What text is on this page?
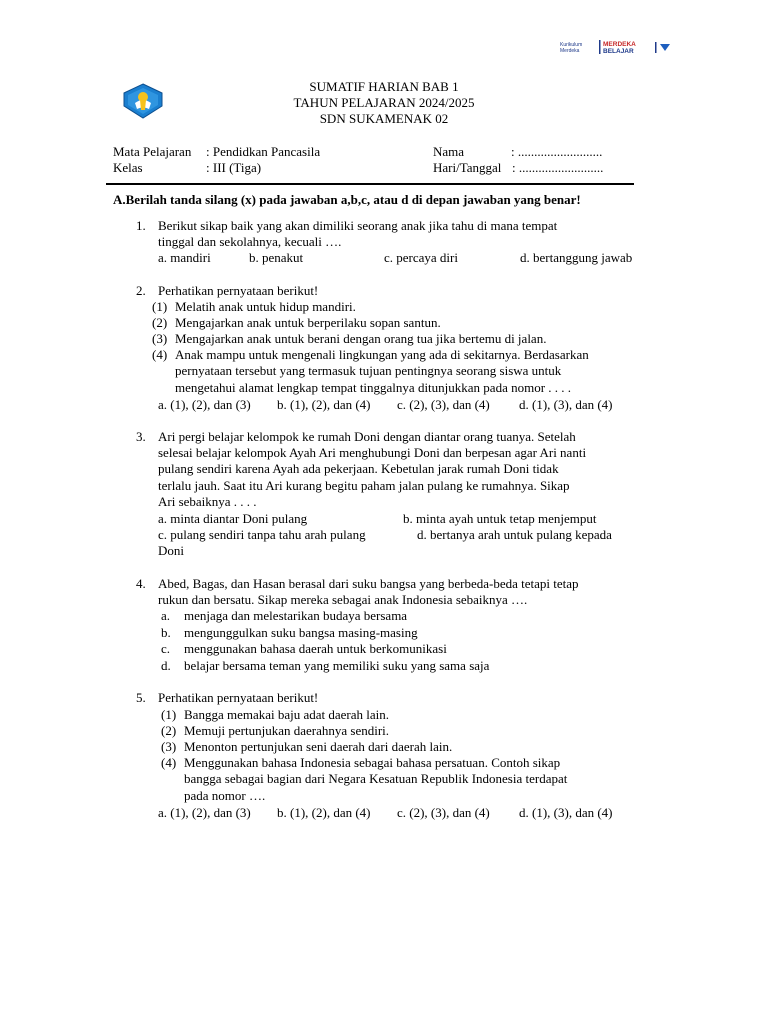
Kurikulum
Merdeka
MERDEKA
BELAJAR
SUMATIF HARIAN BAB 1
TAHUN PELAJARAN 2024/2025
SDN SUKAMENAK 02
Mata Pelajaran : Pendidkan Pancasila
Kelas	: III (Tiga)
Nama	: ..........................
Hari/Tanggal : ..........................
A.Berilah tanda silang (x) pada jawaban a,b,c, atau d di depan jawaban yang benar!
1. Berikut sikap baik yang akan dimiliki seorang anak jika tahu di mana tempat
tinggal dan sekolahnya, kecuali ….
a. mandiri	b. penakut	c. percaya diri	d. bertanggung jawab
2. Perhatikan pernyataan berikut!
(1) Melatih anak untuk hidup mandiri.
(2) Mengajarkan anak untuk berperilaku sopan santun.
(3) Mengajarkan anak untuk berani dengan orang tua jika bertemu di jalan.
(4) Anak mampu untuk mengenali lingkungan yang ada di sekitarnya. Berdasarkan
pernyataan tersebut yang termasuk tujuan pentingnya seorang siswa untuk
mengetahui alamat lengkap tempat tinggalnya ditunjukkan pada nomor . . . .
a. (1), (2), dan (3) b. (1), (2), dan (4) c. (2), (3), dan (4) d. (1), (3), dan (4)
3. Ari pergi belajar kelompok ke rumah Doni dengan diantar orang tuanya. Setelah
selesai belajar kelompok Ayah Ari menghubungi Doni dan berpesan agar Ari nanti
pulang sendiri karena Ayah ada pekerjaan. Kebetulan jarak rumah Doni tidak
terlalu jauh. Saat itu Ari kurang begitu paham jalan pulang ke rumahnya. Sikap
Ari sebaiknya . . . .
a. minta diantar Doni pulang	b. minta ayah untuk tetap menjemput
c. pulang sendiri tanpa tahu arah pulang	d. bertanya arah untuk pulang kepada
Doni
4. Abed, Bagas, dan Hasan berasal dari suku bangsa yang berbeda-beda tetapi tetap
rukun dan bersatu. Sikap mereka sebagai anak Indonesia sebaiknya ….
a. menjaga dan melestarikan budaya bersama
b. mengunggulkan suku bangsa masing-masing
c. menggunakan bahasa daerah untuk berkomunikasi
d. belajar bersama teman yang memiliki suku yang sama saja
5. Perhatikan pernyataan berikut!
(1) Bangga memakai baju adat daerah lain.
(2) Memuji pertunjukan daerahnya sendiri.
(3) Menonton pertunjukan seni daerah dari daerah lain.
(4) Menggunakan bahasa Indonesia sebagai bahasa persatuan. Contoh sikap
bangga sebagai bagian dari Negara Kesatuan Republik Indonesia terdapat
pada nomor ….
a. (1), (2), dan (3) b. (1), (2), dan (4) c. (2), (3), dan (4) d. (1), (3), dan (4)
